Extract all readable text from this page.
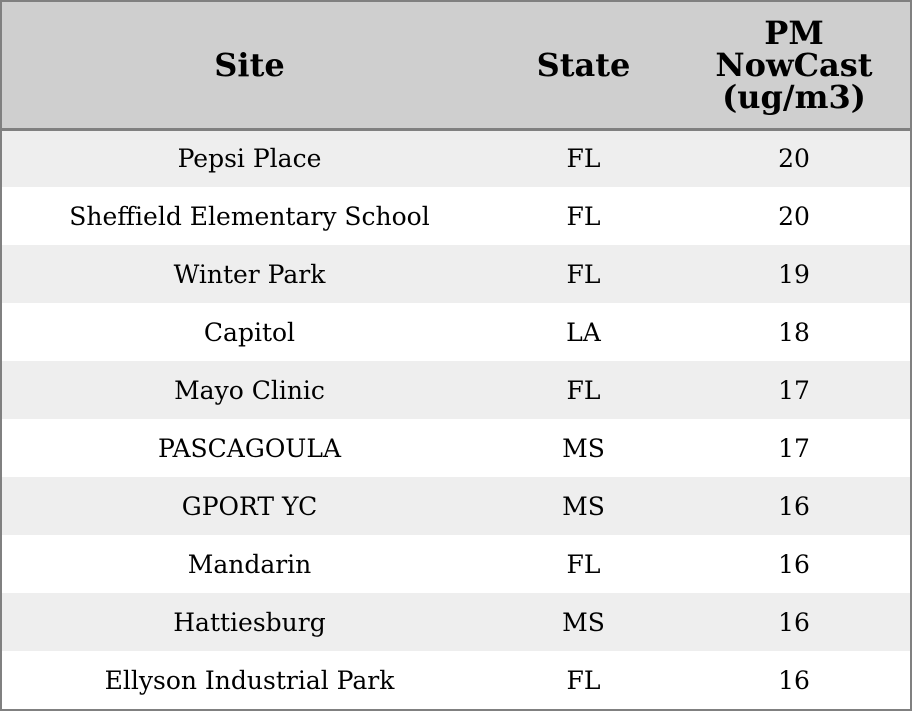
Site	State	PM
NowCast
(ug/m3)
Pepsi Place	FL	20
Sheffield Elementary School	FL	20
Winter Park	FL	19
Capitol	LA	18
Mayo Clinic	FL	17
PASCAGOULA	MS	17
GPORT YC	MS	16
Mandarin	FL	16
Hattiesburg	MS	16
Ellyson Industrial Park	FL	16
